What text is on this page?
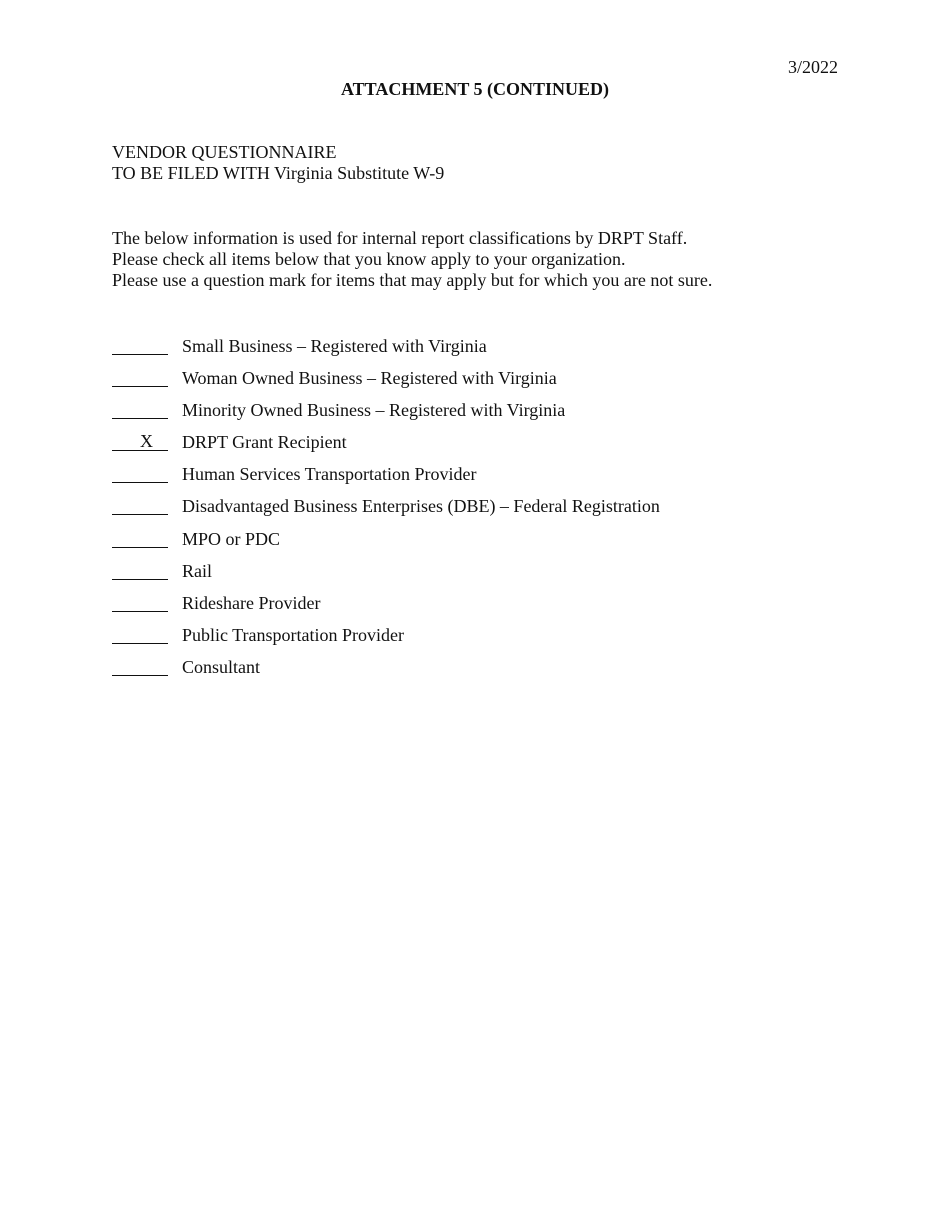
3/2022
ATTACHMENT 5 (CONTINUED)
VENDOR QUESTIONNAIRE
TO BE FILED WITH Virginia Substitute W-9
The below information is used for internal report classifications by DRPT Staff.
Please check all items below that you know apply to your organization.
Please use a question mark for items that may apply but for which you are not sure.
Small Business – Registered with Virginia
Woman Owned Business – Registered with Virginia
Minority Owned Business – Registered with Virginia
X DRPT Grant Recipient
Human Services Transportation Provider
Disadvantaged Business Enterprises (DBE) – Federal Registration
MPO or PDC
Rail
Rideshare Provider
Public Transportation Provider
Consultant
